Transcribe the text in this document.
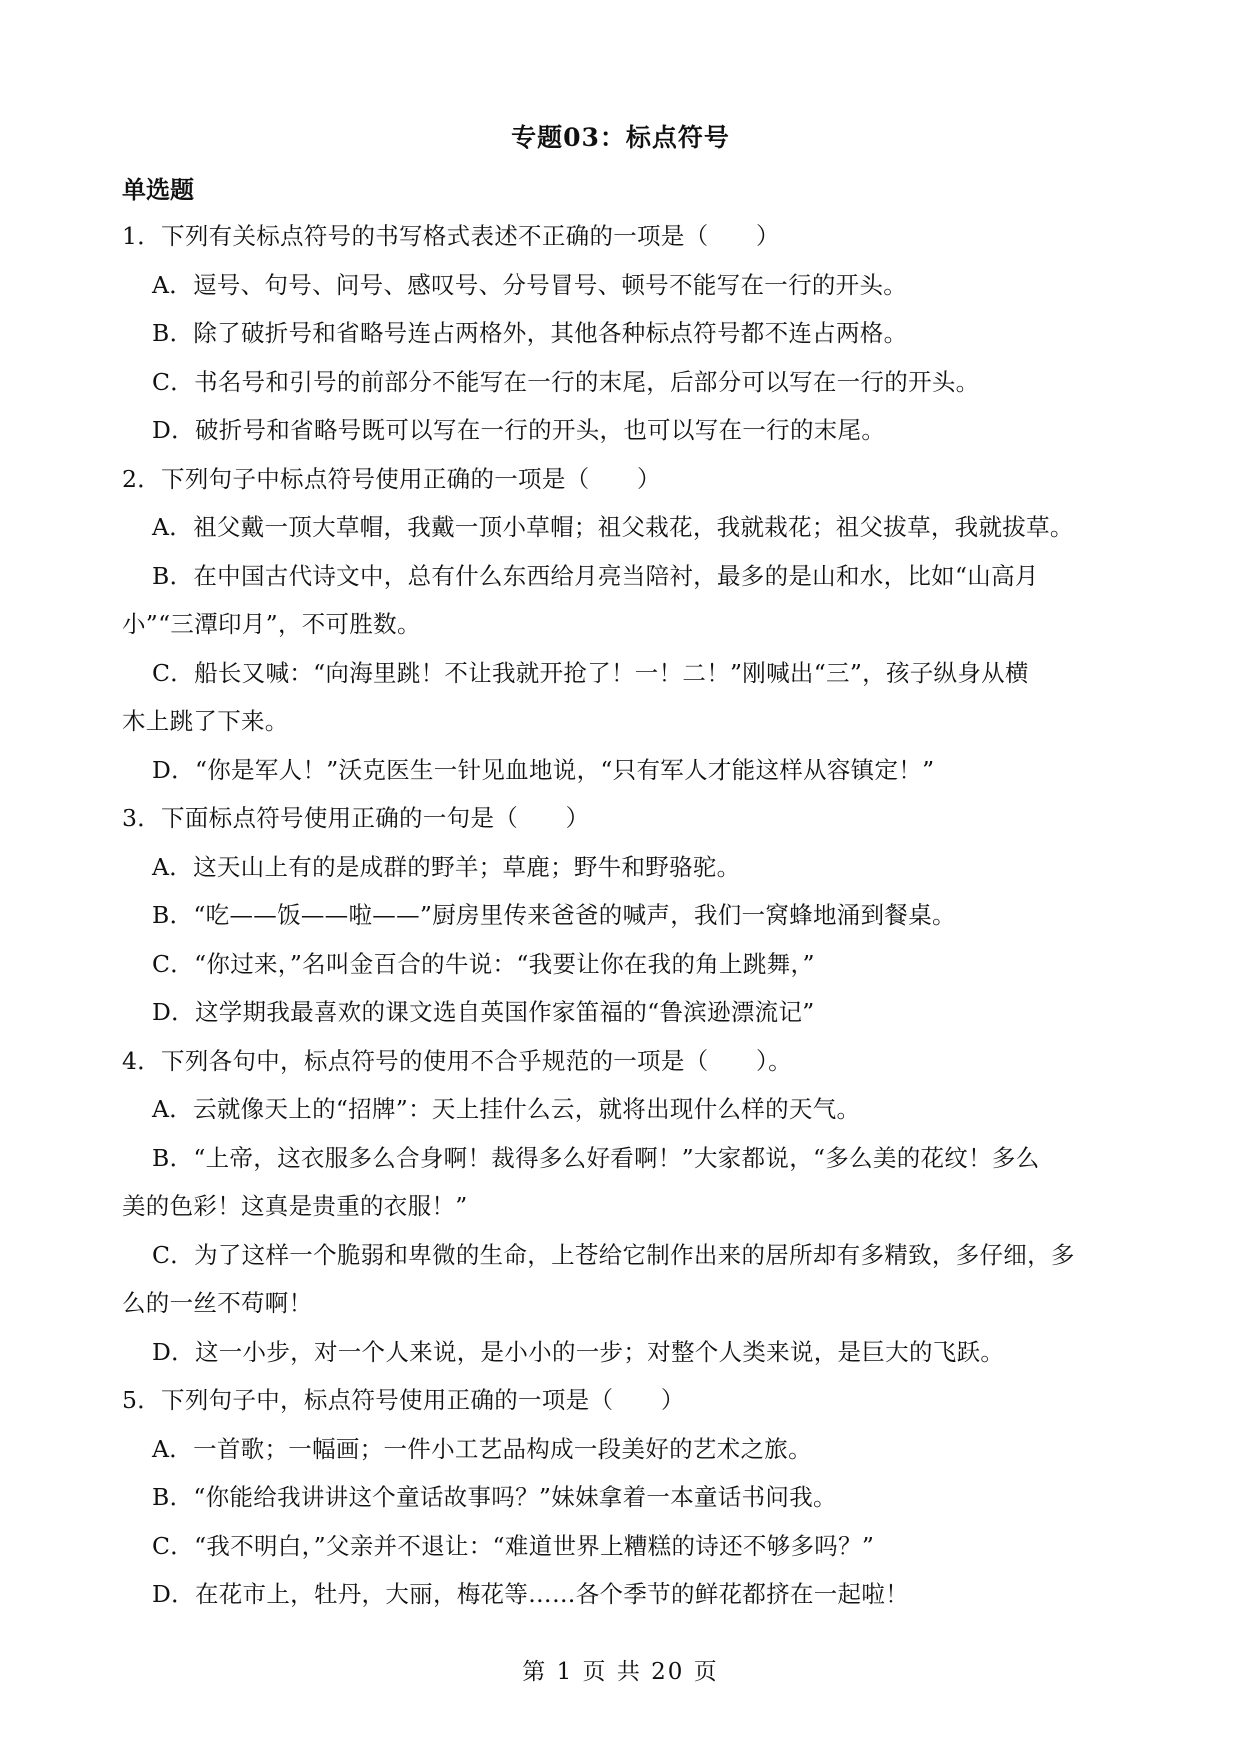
专题03：标点符号
单选题
1．下列有关标点符号的书写格式表述不正确的一项是（　　）
A．逗号、句号、问号、感叹号、分号冒号、顿号不能写在一行的开头。
B．除了破折号和省略号连占两格外，其他各种标点符号都不连占两格。
C．书名号和引号的前部分不能写在一行的末尾，后部分可以写在一行的开头。
D．破折号和省略号既可以写在一行的开头，也可以写在一行的末尾。
2．下列句子中标点符号使用正确的一项是（　　）
A．祖父戴一顶大草帽，我戴一顶小草帽；祖父栽花，我就栽花；祖父拔草，我就拔草。
B．在中国古代诗文中，总有什么东西给月亮当陪衬，最多的是山和水，比如“山高月
小”“三潭印月”，不可胜数。
C．船长又喊：“向海里跳！不让我就开抢了！一！二！”刚喊出“三”，孩子纵身从横
木上跳了下来。
D．“你是军人！”沃克医生一针见血地说，“只有军人才能这样从容镇定！”
3．下面标点符号使用正确的一句是（　　）
A．这天山上有的是成群的野羊；草鹿；野牛和野骆驼。
B．“吃——饭——啦——”厨房里传来爸爸的喊声，我们一窝蜂地涌到餐桌。
C．“你过来，”名叫金百合的牛说：“我要让你在我的角上跳舞，”
D．这学期我最喜欢的课文选自英国作家笛福的“鲁滨逊漂流记”
4．下列各句中，标点符号的使用不合乎规范的一项是（　　）。
A．云就像天上的“招牌”：天上挂什么云，就将出现什么样的天气。
B．“上帝，这衣服多么合身啊！裁得多么好看啊！”大家都说，“多么美的花纹！多么
美的色彩！这真是贵重的衣服！”
C．为了这样一个脆弱和卑微的生命，上苍给它制作出来的居所却有多精致，多仔细，多
么的一丝不苟啊！
D．这一小步，对一个人来说，是小小的一步；对整个人类来说，是巨大的飞跃。
5．下列句子中，标点符号使用正确的一项是（　　）
A．一首歌；一幅画；一件小工艺品构成一段美好的艺术之旅。
B．“你能给我讲讲这个童话故事吗？”妹妹拿着一本童话书问我。
C．“我不明白，”父亲并不退让：“难道世界上糟糕的诗还不够多吗？”
D．在花市上，牡丹，大丽，梅花等……各个季节的鲜花都挤在一起啦！
第 1 页 共 20 页
